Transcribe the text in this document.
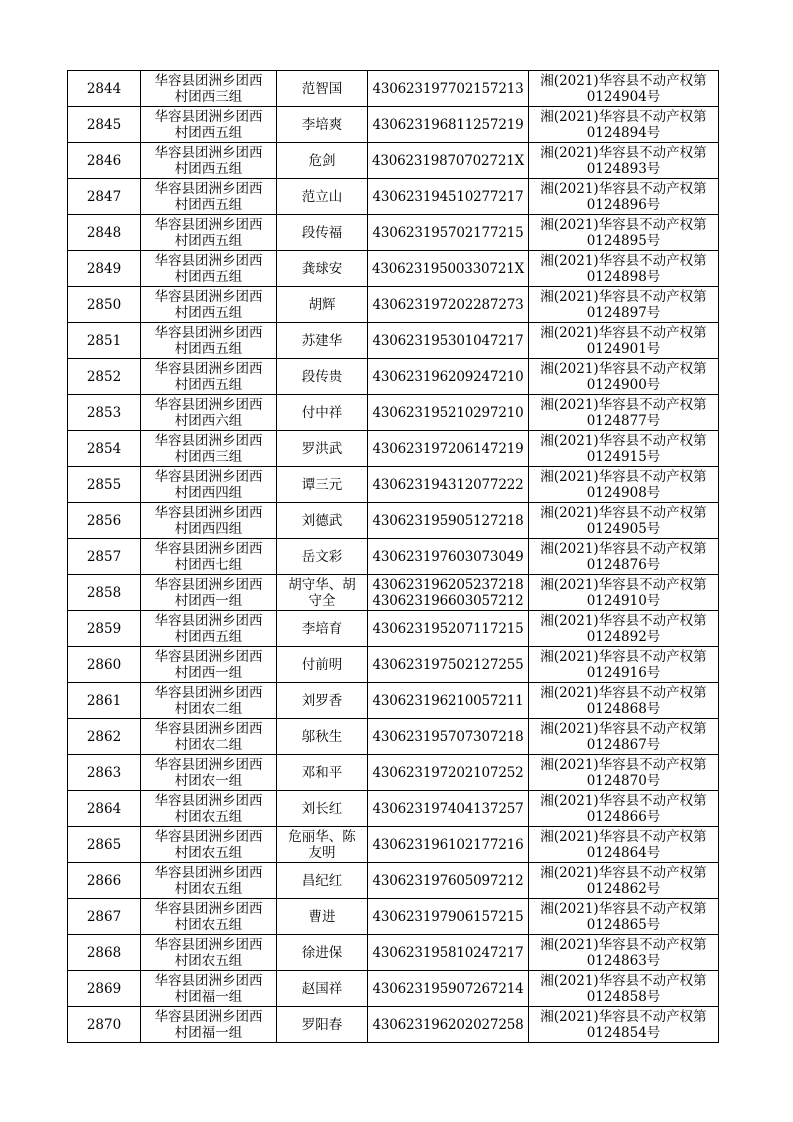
2844	华容县团洲乡团西
村团西三组	范智国	430623197702157213	湘(2021)华容县不动产权第
0124904号

2845	华容县团洲乡团西
村团西五组	李培爽	430623196811257219	湘(2021)华容县不动产权第
0124894号

2846	华容县团洲乡团西
村团西五组	危剑	43062319870702721X	湘(2021)华容县不动产权第
0124893号

2847	华容县团洲乡团西
村团西五组	范立山	430623194510277217	湘(2021)华容县不动产权第
0124896号

2848	华容县团洲乡团西
村团西五组	段传福	430623195702177215	湘(2021)华容县不动产权第
0124895号

2849	华容县团洲乡团西
村团西五组	龚球安	43062319500330721X	湘(2021)华容县不动产权第
0124898号

2850	华容县团洲乡团西
村团西五组	胡辉	430623197202287273	湘(2021)华容县不动产权第
0124897号

2851	华容县团洲乡团西
村团西五组	苏建华	430623195301047217	湘(2021)华容县不动产权第
0124901号

2852	华容县团洲乡团西
村团西五组	段传贵	430623196209247210	湘(2021)华容县不动产权第
0124900号

2853	华容县团洲乡团西
村团西六组	付中祥	430623195210297210	湘(2021)华容县不动产权第
0124877号

2854	华容县团洲乡团西
村团西三组	罗洪武	430623197206147219	湘(2021)华容县不动产权第
0124915号

2855	华容县团洲乡团西
村团西四组	谭三元	430623194312077222	湘(2021)华容县不动产权第
0124908号

2856	华容县团洲乡团西
村团西四组	刘德武	430623195905127218	湘(2021)华容县不动产权第
0124905号

2857	华容县团洲乡团西
村团西七组	岳文彩	430623197603073049	湘(2021)华容县不动产权第
0124876号

2858	华容县团洲乡团西
村团西一组	胡守华、胡
守全	430623196205237218
430623196603057212	湘(2021)华容县不动产权第
0124910号

2859	华容县团洲乡团西
村团西五组	李培育	430623195207117215	湘(2021)华容县不动产权第
0124892号

2860	华容县团洲乡团西
村团西一组	付前明	430623197502127255	湘(2021)华容县不动产权第
0124916号

2861	华容县团洲乡团西
村团农二组	刘罗香	430623196210057211	湘(2021)华容县不动产权第
0124868号

2862	华容县团洲乡团西
村团农二组	邬秋生	430623195707307218	湘(2021)华容县不动产权第
0124867号

2863	华容县团洲乡团西
村团农一组	邓和平	430623197202107252	湘(2021)华容县不动产权第
0124870号

2864	华容县团洲乡团西
村团农五组	刘长红	430623197404137257	湘(2021)华容县不动产权第
0124866号

2865	华容县团洲乡团西
村团农五组	危丽华、陈
友明	430623196102177216	湘(2021)华容县不动产权第
0124864号

2866	华容县团洲乡团西
村团农五组	昌纪红	430623197605097212	湘(2021)华容县不动产权第
0124862号

2867	华容县团洲乡团西
村团农五组	曹进	430623197906157215	湘(2021)华容县不动产权第
0124865号

2868	华容县团洲乡团西
村团农五组	徐进保	430623195810247217	湘(2021)华容县不动产权第
0124863号

2869	华容县团洲乡团西
村团福一组	赵国祥	430623195907267214	湘(2021)华容县不动产权第
0124858号

2870	华容县团洲乡团西
村团福一组	罗阳春	430623196202027258	湘(2021)华容县不动产权第
0124854号
